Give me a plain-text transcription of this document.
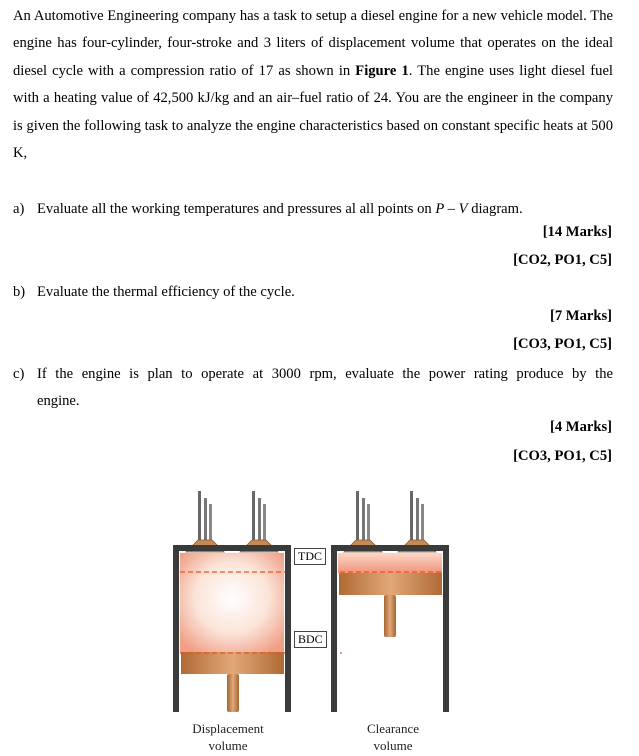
An Automotive Engineering company has a task to setup a diesel engine for a new vehicle model. The engine has four-cylinder, four-stroke and 3 liters of displacement volume that operates on the ideal diesel cycle with a compression ratio of 17 as shown in Figure 1. The engine uses light diesel fuel with a heating value of 42,500 kJ/kg and an air–fuel ratio of 24. You are the engineer in the company is given the following task to analyze the engine characteristics based on constant specific heats at 500 K,
a) Evaluate all the working temperatures and pressures al all points on P – V diagram.
[14 Marks]
[CO2, PO1, C5]
b) Evaluate the thermal efficiency of the cycle.
[7 Marks]
[CO3, PO1, C5]
c) If the engine is plan to operate at 3000 rpm, evaluate the power rating produce by the
engine.
[4 Marks]
[CO3, PO1, C5]
TDC
BDC
Displacement
volume
Clearance
volume
